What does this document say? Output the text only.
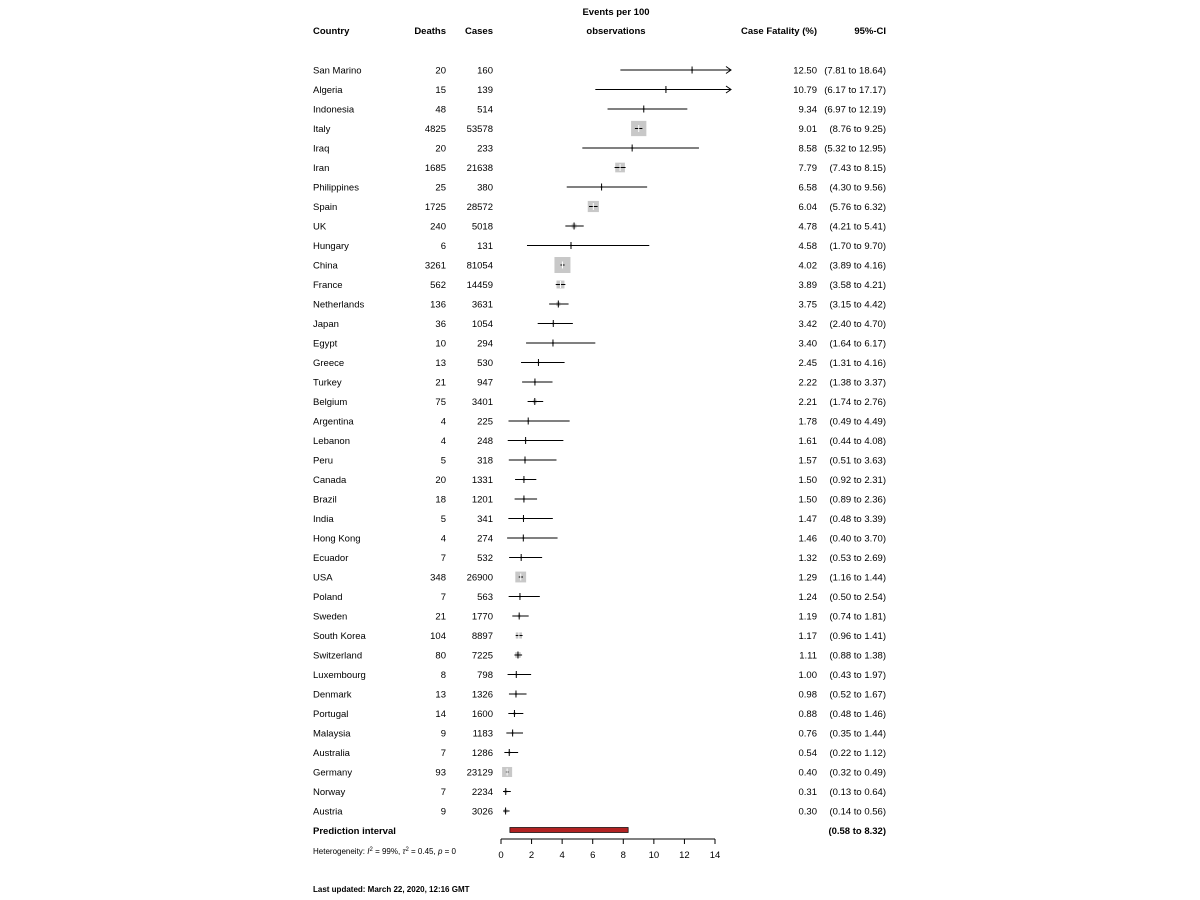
Country	Deaths Cases
Events per 100
observations	Case Fatality (%)	95%-CI
San Marino	20	160	12.50 (7.81 to 18.64)
Algeria	15	139	10.79 (6.17 to 17.17)
Indonesia	48	514	9.34 (6.97 to 12.19)
Italy	4825 53578	9.01 (8.76 to 9.25)
Iraq	20	233	8.58 (5.32 to 12.95)
Iran	1685 21638	7.79 (7.43 to 8.15)
Philippines	25	380	6.58 (4.30 to 9.56)
Spain	1725 28572	6.04 (5.76 to 6.32)
UK	240	5018	4.78 (4.21 to 5.41)
Hungary	6	131	4.58 (1.70 to 9.70)
China	3261 81054	4.02 (3.89 to 4.16)
France	562 14459	3.89 (3.58 to 4.21)
Netherlands	136	3631	3.75 (3.15 to 4.42)
Japan	36	1054	3.42 (2.40 to 4.70)
Egypt	10	294	3.40 (1.64 to 6.17)
Greece	13	530	2.45 (1.31 to 4.16)
Turkey	21	947	2.22 (1.38 to 3.37)
Belgium	75	3401	2.21 (1.74 to 2.76)
Argentina	4	225	1.78 (0.49 to 4.49)
Lebanon	4	248	1.61 (0.44 to 4.08)
Peru	5	318	1.57 (0.51 to 3.63)
Canada	20	1331	1.50 (0.92 to 2.31)
Brazil	18	1201	1.50 (0.89 to 2.36)
India	5	341	1.47 (0.48 to 3.39)
Hong Kong	4	274	1.46 (0.40 to 3.70)
Ecuador	7	532	1.32 (0.53 to 2.69)
USA	348 26900	1.29 (1.16 to 1.44)
Poland	7	563	1.24 (0.50 to 2.54)
Sweden	21	1770	1.19 (0.74 to 1.81)
South Korea	104	8897	1.17 (0.96 to 1.41)
Switzerland	80	7225	1.11 (0.88 to 1.38)
Luxembourg	8	798	1.00 (0.43 to 1.97)
Denmark	13	1326	0.98 (0.52 to 1.67)
Portugal	14	1600	0.88 (0.48 to 1.46)
Malaysia	9	1183	0.76 (0.35 to 1.44)
Australia	7	1286	0.54 (0.22 to 1.12)
Germany	93 23129	0.40 (0.32 to 0.49)
Norway	7	2234	0.31 (0.13 to 0.64)
Austria	9	3026	0.30 (0.14 to 0.56)
Prediction interval	(0.58 to 8.32)
0	2	4	6	8 10 12 14
Heterogeneity: $I^2 = 99\%$, $\tau^2 = 0.45$, p = 0
Last updated: March 22, 2020, 12:16 GMT
